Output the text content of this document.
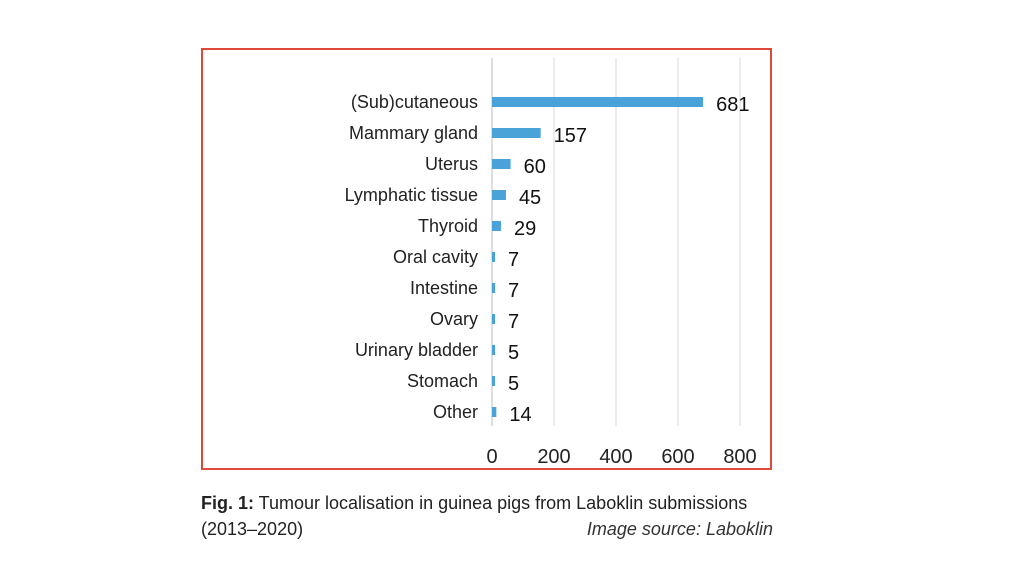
(Sub)cutaneous	681
Mammary gland	157
Uterus 60
Lymphatic tissue 45
Thyroid 29
Oral cavity 7
Intestine 7
Ovary 7
Urinary bladder 5
Stomach 5
Other 14
0 200 400 600 800
Fig. 1: Tumour localisation in guinea pigs from Laboklin submissions (2013–2020)	Image source: Laboklin
